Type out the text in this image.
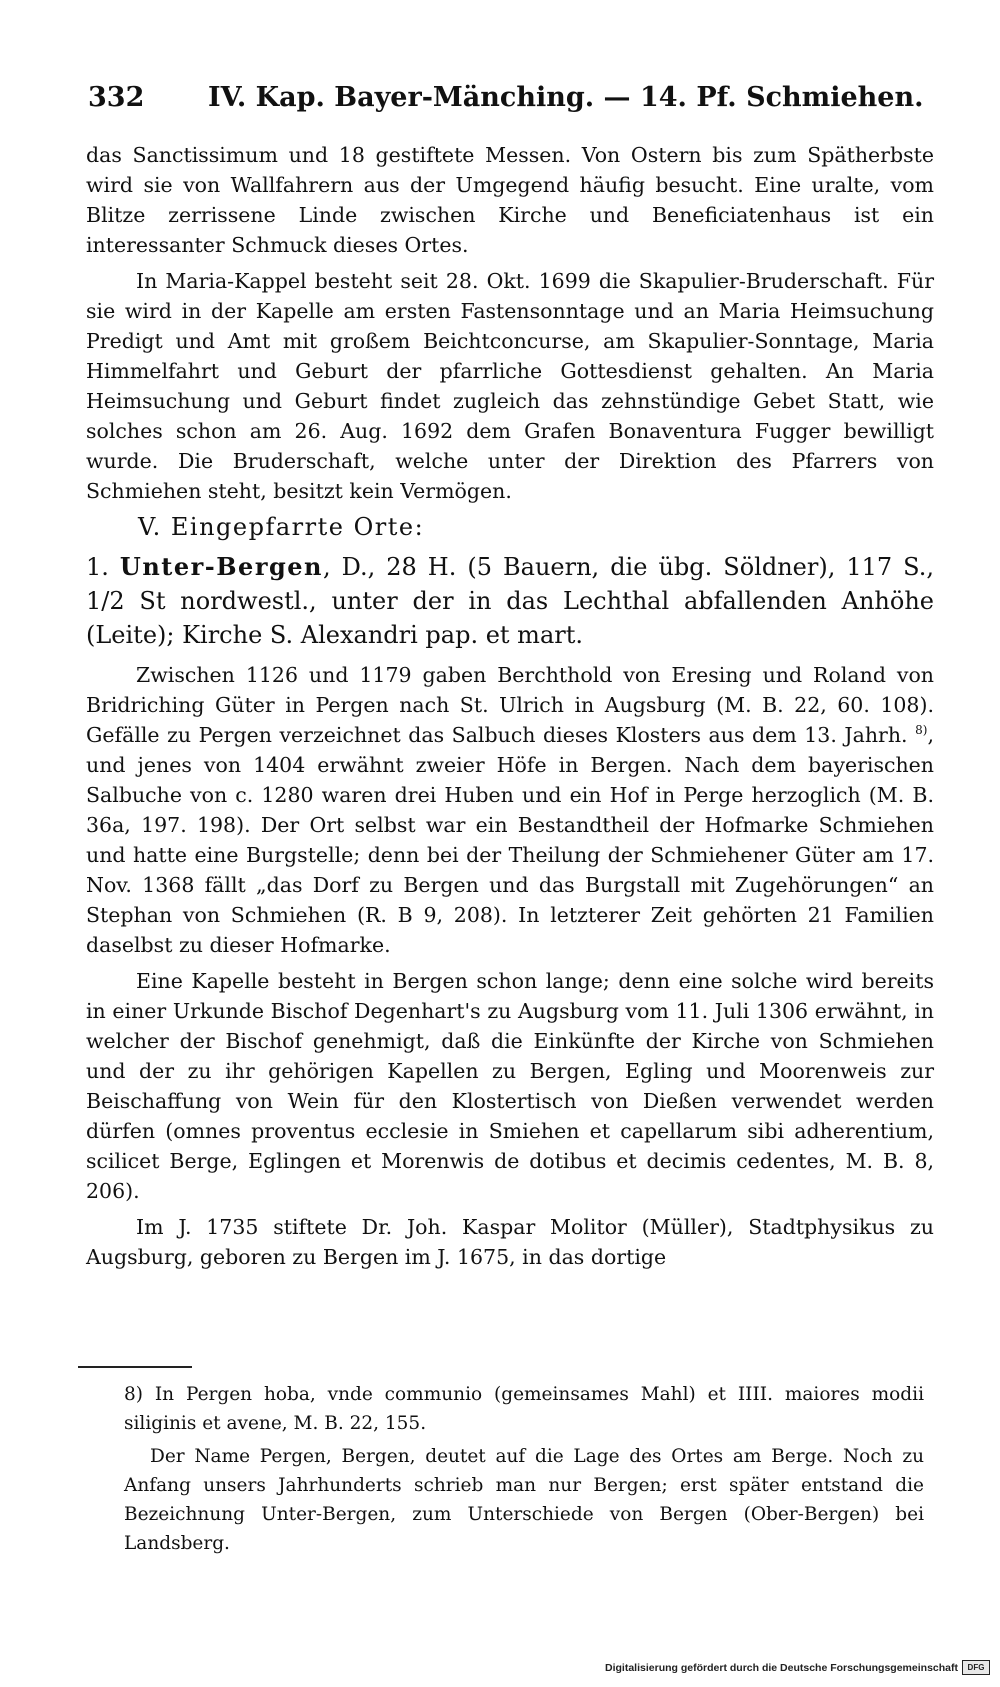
332 IV. Kap. Bayer-Mänching. — 14. Pf. Schmiehen.

das Sanctissimum und 18 gestiftete Messen. Von Ostern bis zum Spätherbste wird sie von Wallfahrern aus der Umgegend häufig besucht. Eine uralte, vom Blitze zerrissene Linde zwischen Kirche und Beneficiatenhaus ist ein interessanter Schmuck dieses Ortes.

In Maria-Kappel besteht seit 28. Okt. 1699 die Skapulier-Bruderschaft. Für sie wird in der Kapelle am ersten Fastensonntage und an Maria Heimsuchung Predigt und Amt mit großem Beichtconcurse, am Skapulier-Sonntage, Maria Himmelfahrt und Geburt der pfarrliche Gottesdienst gehalten. An Maria Heimsuchung und Geburt findet zugleich das zehnstündige Gebet Statt, wie solches schon am 26. Aug. 1692 dem Grafen Bonaventura Fugger bewilligt wurde. Die Bruderschaft, welche unter der Direktion des Pfarrers von Schmiehen steht, besitzt kein Vermögen.

V. Eingepfarrte Orte:

1. Unter-Bergen, D., 28 H. (5 Bauern, die übg. Söldner), 117 S., 1/2 St nordwestl., unter der in das Lechthal abfallenden Anhöhe (Leite); Kirche S. Alexandri pap. et mart.

Zwischen 1126 und 1179 gaben Berchthold von Eresing und Roland von Bridriching Güter in Pergen nach St. Ulrich in Augsburg (M. B. 22, 60. 108). Gefälle zu Pergen verzeichnet das Salbuch dieses Klosters aus dem 13. Jahrh. $^{8)}$, und jenes von 1404 erwähnt zweier Höfe in Bergen. Nach dem bayerischen Salbuche von c. 1280 waren drei Huben und ein Hof in Perge herzoglich (M. B. 36a, 197. 198). Der Ort selbst war ein Bestandtheil der Hofmarke Schmiehen und hatte eine Burgstelle; denn bei der Theilung der Schmiehener Güter am 17. Nov. 1368 fällt „das Dorf zu Bergen und das Burgstall mit Zugehörungen“ an Stephan von Schmiehen (R. B 9, 208). In letzterer Zeit gehörten 21 Familien daselbst zu dieser Hofmarke.

Eine Kapelle besteht in Bergen schon lange; denn eine solche wird bereits in einer Urkunde Bischof Degenhart's zu Augsburg vom 11. Juli 1306 erwähnt, in welcher der Bischof genehmigt, daß die Einkünfte der Kirche von Schmiehen und der zu ihr gehörigen Kapellen zu Bergen, Egling und Moorenweis zur Beischaffung von Wein für den Klostertisch von Dießen verwendet werden dürfen (omnes proventus ecclesie in Smiehen et capellarum sibi adherentium, scilicet Berge, Eglingen et Morenwis de dotibus et decimis cedentes, M. B. 8, 206).

Im J. 1735 stiftete Dr. Joh. Kaspar Molitor (Müller), Stadtphysikus zu Augsburg, geboren zu Bergen im J. 1675, in das dortige

8) In Pergen hoba, vnde communio (gemeinsames Mahl) et IIII. maiores modii siliginis et avene, M. B. 22, 155.

Der Name Pergen, Bergen, deutet auf die Lage des Ortes am Berge. Noch zu Anfang unsers Jahrhunderts schrieb man nur Bergen; erst später entstand die Bezeichnung Unter-Bergen, zum Unterschiede von Bergen (Ober-Bergen) bei Landsberg.

Digitalisierung gefördert durch die Deutsche Forschungsgemeinschaft	DFG
